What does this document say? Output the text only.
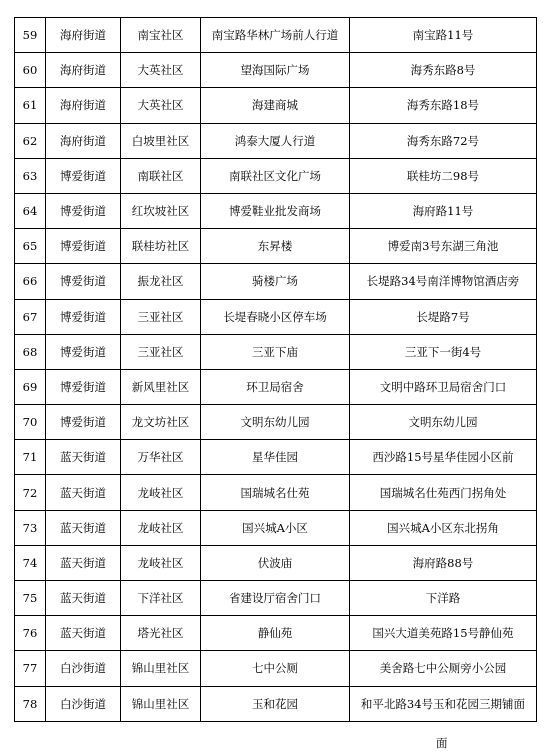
59	海府街道	南宝社区	南宝路华林广场前人行道	南宝路11号
60	海府街道	大英社区	望海国际广场	海秀东路8号
61	海府街道	大英社区	海建商城	海秀东路18号
62	海府街道	白坡里社区	鸿泰大厦人行道	海秀东路72号
63	博爱街道	南联社区	南联社区文化广场	联桂坊二98号
64	博爱街道	红坎坡社区	博爱鞋业批发商场	海府路11号
65	博爱街道	联桂坊社区	东昇楼	博爱南3号东湖三角池
66	博爱街道	振龙社区	骑楼广场	长堤路34号南洋博物馆酒店旁
67	博爱街道	三亚社区	长堤春晓小区停车场	长堤路7号
68	博爱街道	三亚社区	三亚下庙	三亚下一街4号
69	博爱街道	新风里社区	环卫局宿舍	文明中路环卫局宿舍门口
70	博爱街道	龙文坊社区	文明东幼儿园	文明东幼儿园
71	蓝天街道	万华社区	星华佳园	西沙路15号星华佳园小区前
72	蓝天街道	龙岐社区	国瑞城名仕苑	国瑞城名仕苑西门拐角处
73	蓝天街道	龙岐社区	国兴城A小区	国兴城A小区东北拐角
74	蓝天街道	龙岐社区	伏波庙	海府路88号
75	蓝天街道	下洋社区	省建设厅宿舍门口	下洋路
76	蓝天街道	塔光社区	静仙苑	国兴大道美苑路15号静仙苑
77	白沙街道	锦山里社区	七中公厕	美舍路七中公厕旁小公园
78	白沙街道	锦山里社区	玉和花园	和平北路34号玉和花园三期铺面
面
